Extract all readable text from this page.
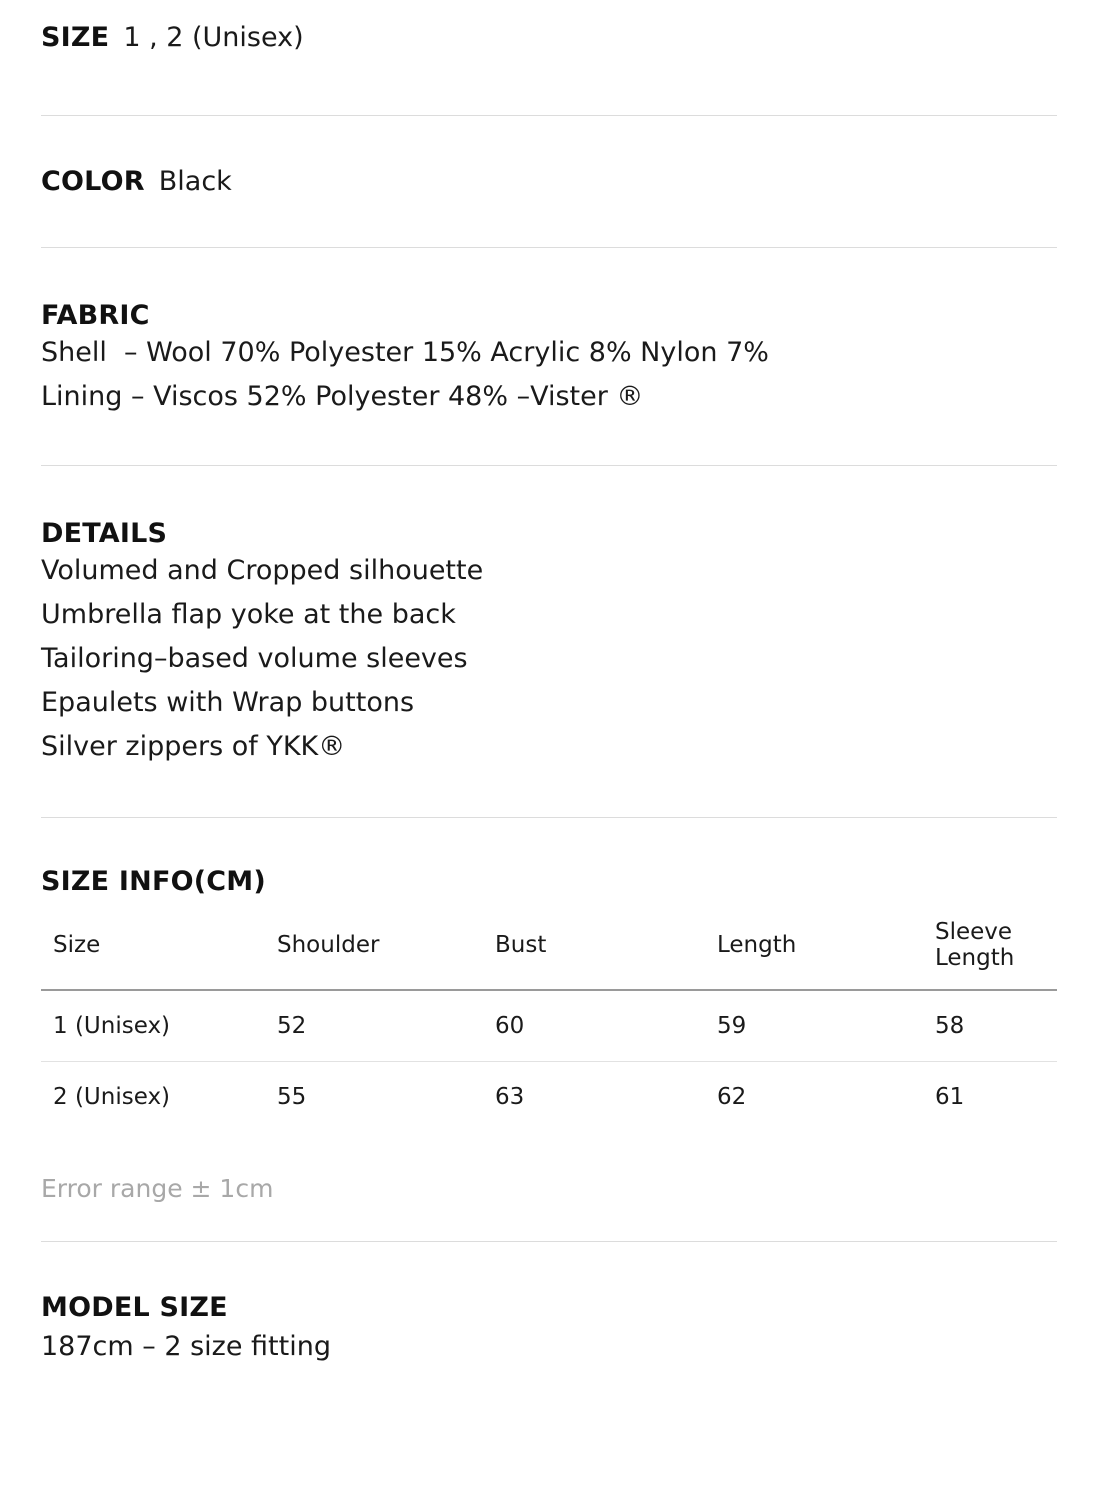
SIZE 1 , 2 (Unisex)
COLOR Black
FABRIC
Shell  – Wool 70% Polyester 15% Acrylic 8% Nylon 7%
Lining – Viscos 52% Polyester 48% –Vister ®
DETAILS
Volumed and Cropped silhouette
Umbrella flap yoke at the back
Tailoring–based volume sleeves
Epaulets with Wrap buttons
Silver zippers of YKK®
SIZE INFO(CM)
Size	Shoulder	Bust	Length	Sleeve Length
1 (Unisex)	52	60	59	58
2 (Unisex)	55	63	62	61
Error range ± 1cm
MODEL SIZE
187cm – 2 size fitting
